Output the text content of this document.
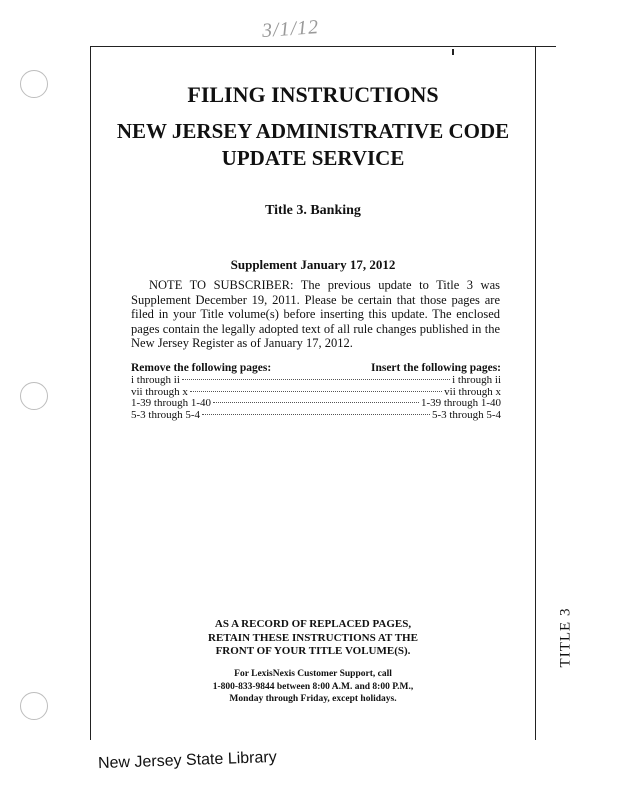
3/1/12
FILING INSTRUCTIONS
NEW JERSEY ADMINISTRATIVE CODE
UPDATE SERVICE
Title 3. Banking
Supplement January 17, 2012
NOTE TO SUBSCRIBER: The previous update to Title 3 was Supplement December 19, 2011. Please be certain that those pages are filed in your Title volume(s) before inserting this update. The enclosed pages contain the legally adopted text of all rule changes published in the New Jersey Register as of January 17, 2012.
Remove the following pages:	Insert the following pages:
i through ii	i through ii
vii through x	vii through x
1-39 through 1-40	1-39 through 1-40
5-3 through 5-4	5-3 through 5-4
AS A RECORD OF REPLACED PAGES,
RETAIN THESE INSTRUCTIONS AT THE
FRONT OF YOUR TITLE VOLUME(S).
For LexisNexis Customer Support, call
1-800-833-9844 between 8:00 A.M. and 8:00 P.M.,
Monday through Friday, except holidays.
TITLE 3
New Jersey State Library
